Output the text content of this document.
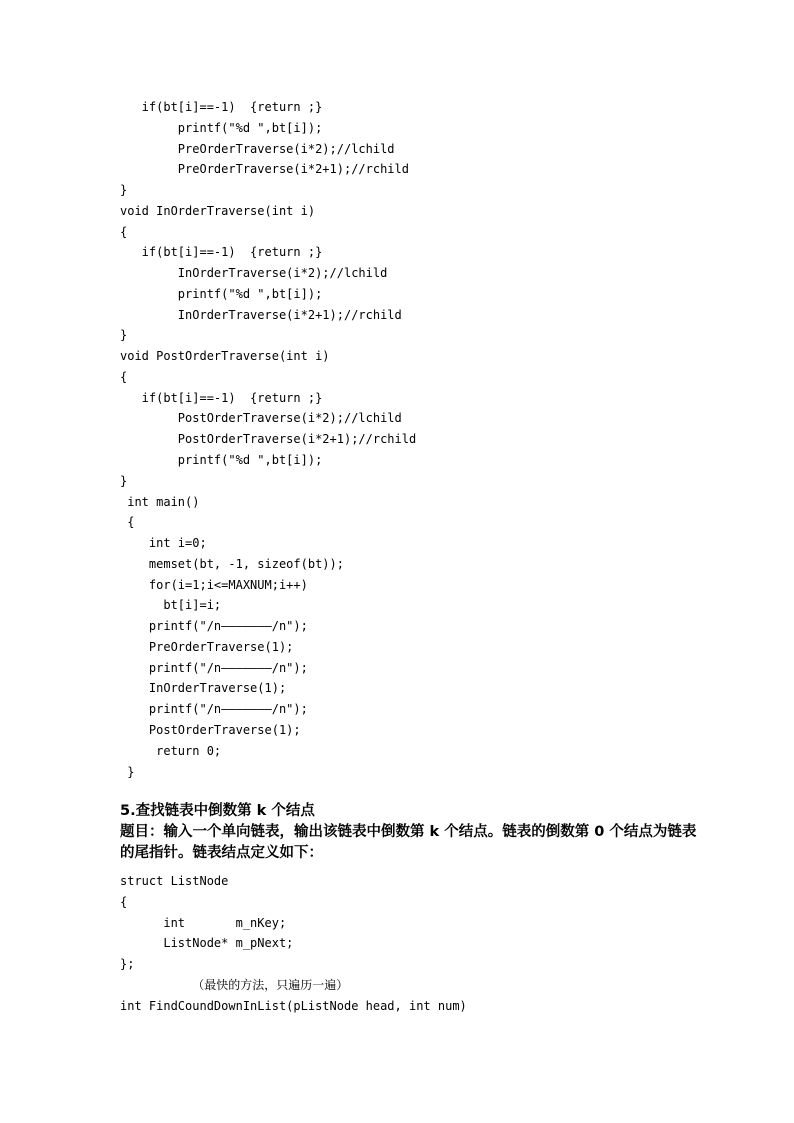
if(bt[i]==-1)  {return ;}
printf("%d ",bt[i]);
PreOrderTraverse(i*2);//lchild
PreOrderTraverse(i*2+1);//rchild
}
void InOrderTraverse(int i)
{
if(bt[i]==-1)  {return ;}
InOrderTraverse(i*2);//lchild
printf("%d ",bt[i]);
InOrderTraverse(i*2+1);//rchild
}
void PostOrderTraverse(int i)
{
if(bt[i]==-1)  {return ;}
PostOrderTraverse(i*2);//lchild
PostOrderTraverse(i*2+1);//rchild
printf("%d ",bt[i]);
}
int main()
{
int i=0;
memset(bt, -1, sizeof(bt));
for(i=1;i<=MAXNUM;i++)
bt[i]=i;
printf("/n———————/n");
PreOrderTraverse(1);
printf("/n———————/n");
InOrderTraverse(1);
printf("/n———————/n");
PostOrderTraverse(1);
return 0;
}
5.查找链表中倒数第 k 个结点
题目：输入一个单向链表，输出该链表中倒数第 k 个结点。链表的倒数第 0 个结点为链表
的尾指针。链表结点定义如下：
struct ListNode
{
int       m_nKey;
ListNode* m_pNext;
};
（最快的方法，只遍历一遍）
int FindCoundDownInList(pListNode head, int num)
